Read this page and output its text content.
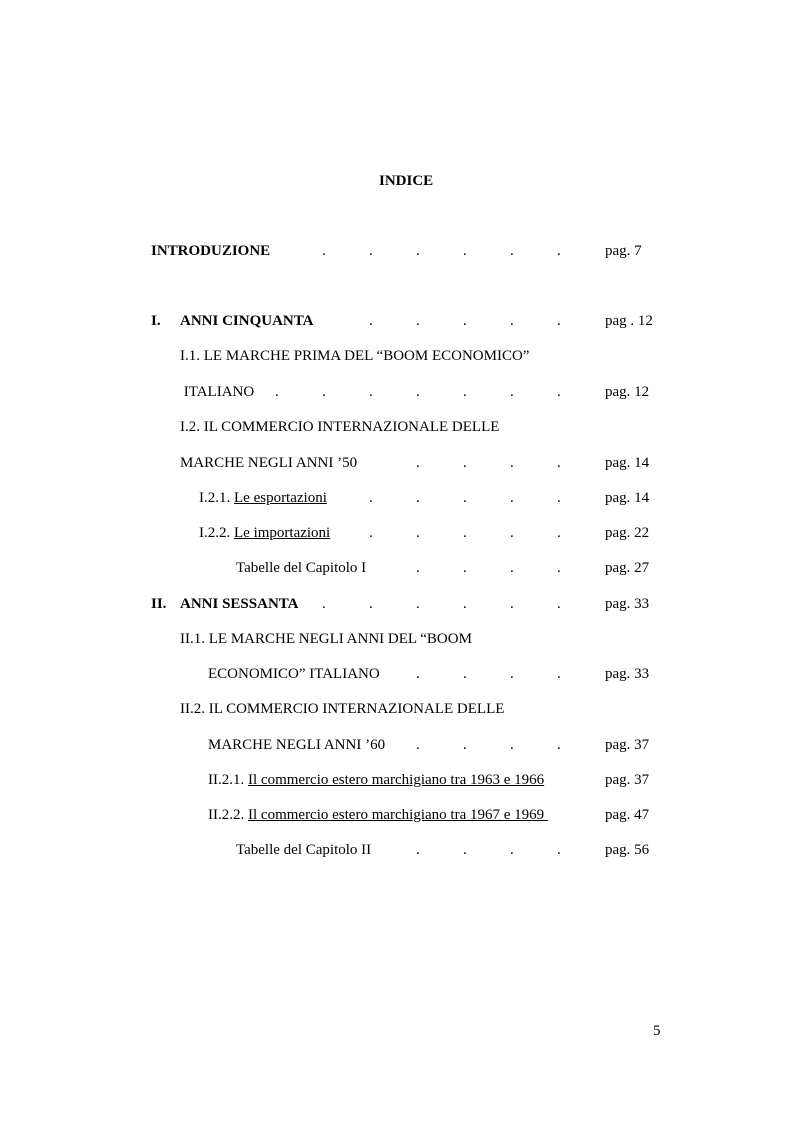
INDICE
INTRODUZIONE	pag. 7
I. ANNI CINQUANTA	pag . 12
I.1. LE MARCHE PRIMA DEL “BOOM ECONOMICO”
ITALIANO	pag. 12
I.2. IL COMMERCIO INTERNAZIONALE DELLE
MARCHE NEGLI ANNI ’50	pag. 14
I.2.1. Le esportazioni	pag. 14
I.2.2. Le importazioni	pag. 22
Tabelle del Capitolo I	pag. 27
II. ANNI SESSANTA	pag. 33
II.1. LE MARCHE NEGLI ANNI DEL “BOOM
ECONOMICO” ITALIANO	pag. 33
II.2. IL COMMERCIO INTERNAZIONALE DELLE
MARCHE NEGLI ANNI ’60	pag. 37
II.2.1. Il commercio estero marchigiano tra 1963 e 1966	pag. 37
II.2.2. Il commercio estero marchigiano tra 1967 e 1969	pag. 47
Tabelle del Capitolo II	pag. 56
5
.	.	.	.	.	.
.	.	.	.	.
.	.	.	.	.	.	.
.	.	.	.
.	.	.	.	.
.	.	.	.	.
.	.	.	.
.	.	.	.	.	.
.	.	.	.
.	.	.	.
.	.	.	.
